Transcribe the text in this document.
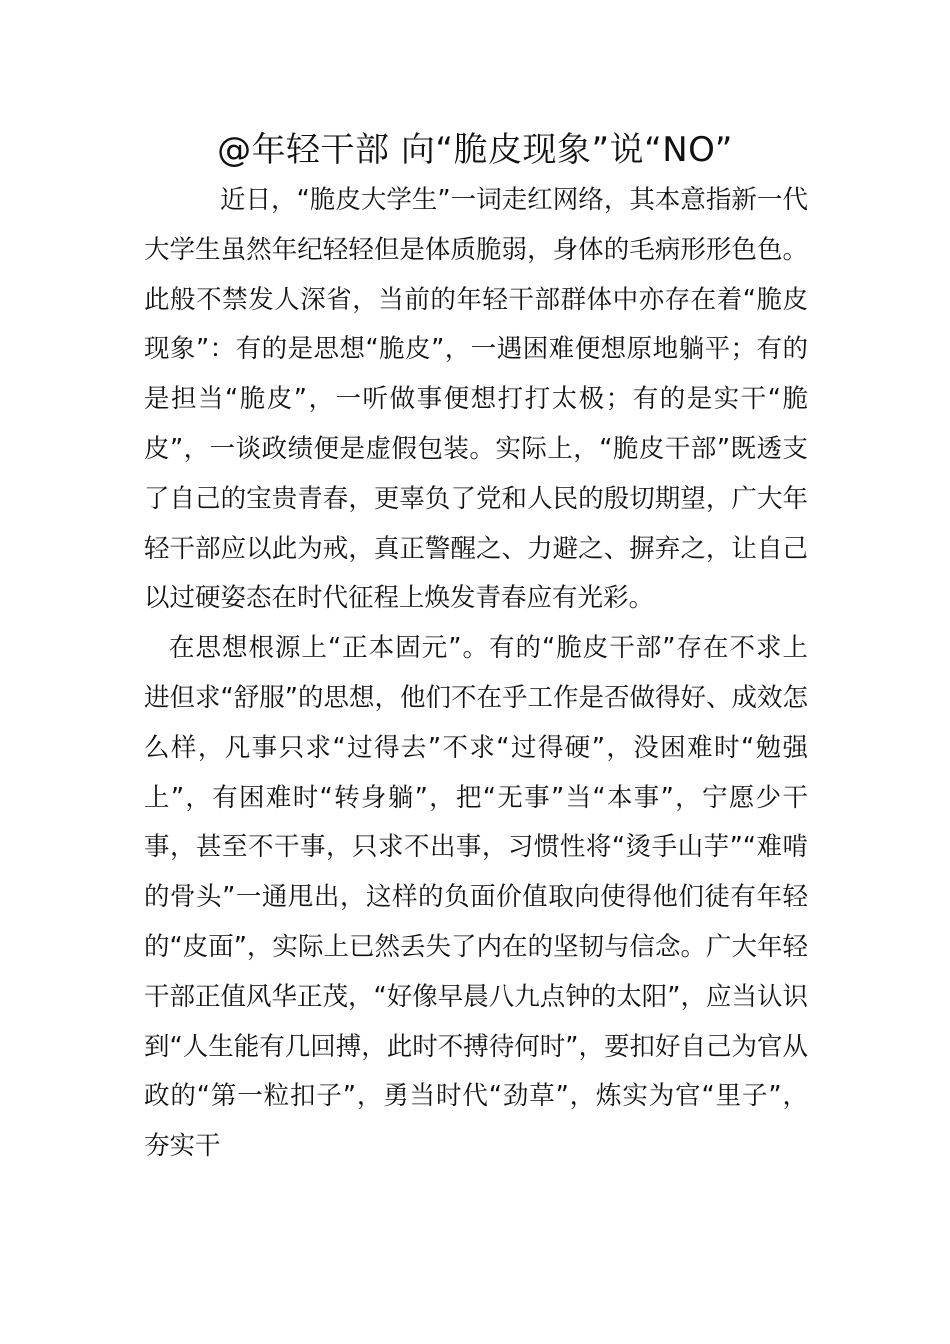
@年轻干部 向“脆皮现象”说“NO”

近日，“脆皮大学生”一词走红网络，其本意指新一代大学生虽然年纪轻轻但是体质脆弱，身体的毛病形形色色。此般不禁发人深省，当前的年轻干部群体中亦存在着“脆皮现象”：有的是思想“脆皮”，一遇困难便想原地躺平；有的是担当“脆皮”，一听做事便想打打太极；有的是实干“脆皮”，一谈政绩便是虚假包装。实际上，“脆皮干部”既透支了自己的宝贵青春，更辜负了党和人民的殷切期望，广大年轻干部应以此为戒，真正警醒之、力避之、摒弃之，让自己以过硬姿态在时代征程上焕发青春应有光彩。

在思想根源上“正本固元”。有的“脆皮干部”存在不求上进但求“舒服”的思想，他们不在乎工作是否做得好、成效怎么样，凡事只求“过得去”不求“过得硬”，没困难时“勉强上”，有困难时“转身躺”，把“无事”当“本事”，宁愿少干事，甚至不干事，只求不出事，习惯性将“烫手山芋”“难啃的骨头”一通甩出，这样的负面价值取向使得他们徒有年轻的“皮面”，实际上已然丢失了内在的坚韧与信念。广大年轻干部正值风华正茂，“好像早晨八九点钟的太阳”，应当认识到“人生能有几回搏，此时不搏待何时”，要扣好自己为官从政的“第一粒扣子”，勇当时代“劲草”，炼实为官“里子”，夯实干
